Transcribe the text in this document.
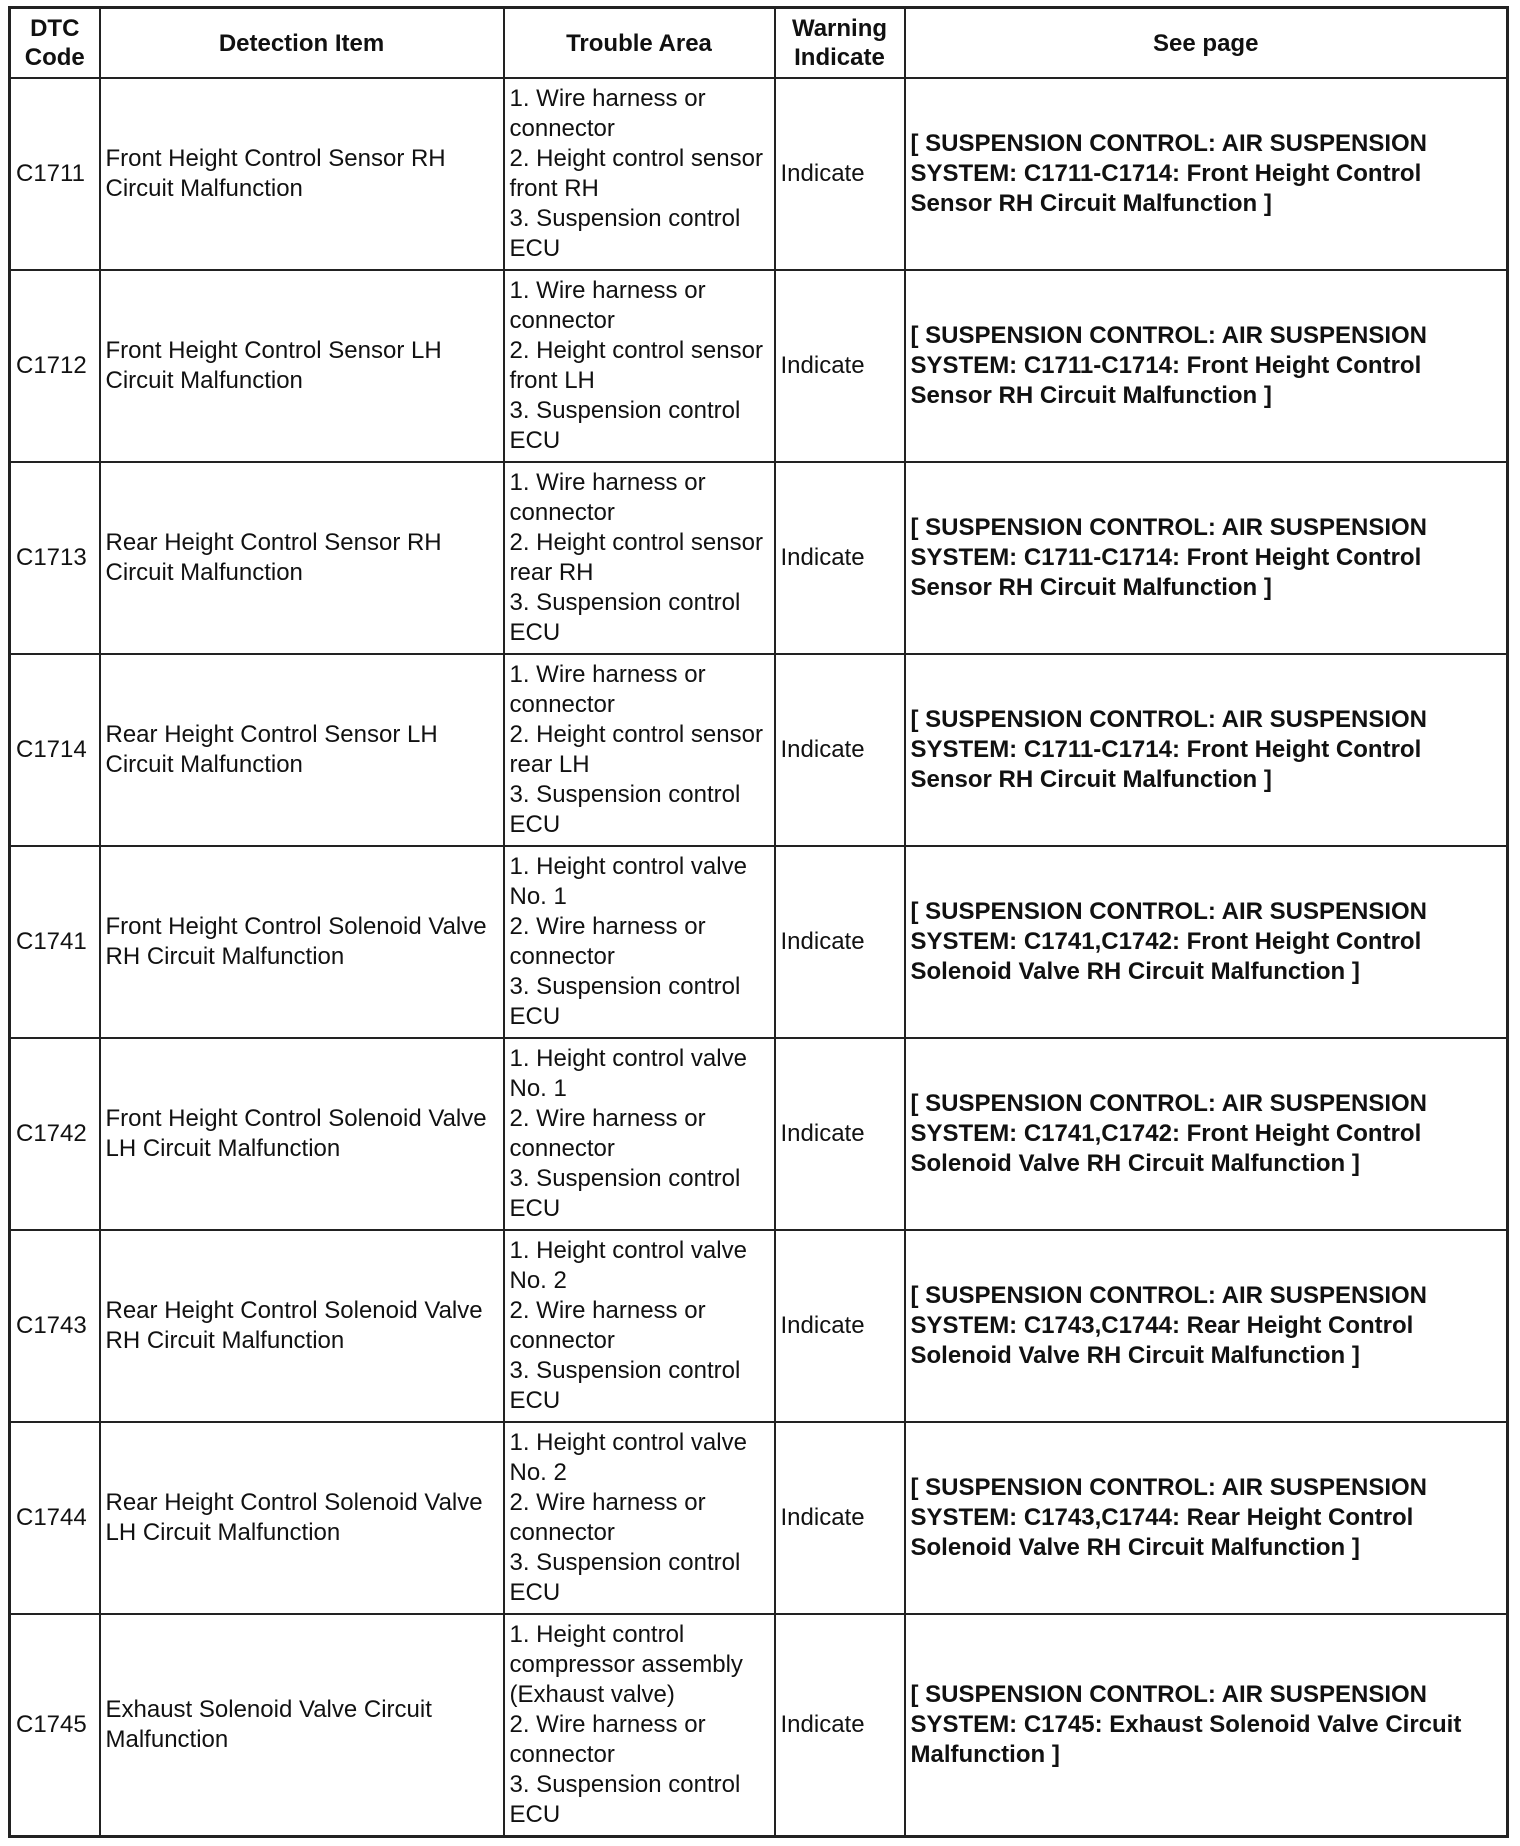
DTC
Code	Detection Item	Trouble Area	Warning
Indicate	See page
C1711	Front Height Control Sensor RH Circuit Malfunction	1. Wire harness or connector
2. Height control sensor front RH
3. Suspension control ECU	Indicate	[ SUSPENSION CONTROL: AIR SUSPENSION SYSTEM: C1711-C1714: Front Height Control Sensor RH Circuit Malfunction ]
C1712	Front Height Control Sensor LH Circuit Malfunction	1. Wire harness or connector
2. Height control sensor front LH
3. Suspension control ECU	Indicate	[ SUSPENSION CONTROL: AIR SUSPENSION SYSTEM: C1711-C1714: Front Height Control Sensor RH Circuit Malfunction ]
C1713	Rear Height Control Sensor RH Circuit Malfunction	1. Wire harness or connector
2. Height control sensor rear RH
3. Suspension control ECU	Indicate	[ SUSPENSION CONTROL: AIR SUSPENSION SYSTEM: C1711-C1714: Front Height Control Sensor RH Circuit Malfunction ]
C1714	Rear Height Control Sensor LH Circuit Malfunction	1. Wire harness or connector
2. Height control sensor rear LH
3. Suspension control ECU	Indicate	[ SUSPENSION CONTROL: AIR SUSPENSION SYSTEM: C1711-C1714: Front Height Control Sensor RH Circuit Malfunction ]
C1741	Front Height Control Solenoid Valve RH Circuit Malfunction	1. Height control valve No. 1
2. Wire harness or connector
3. Suspension control ECU	Indicate	[ SUSPENSION CONTROL: AIR SUSPENSION SYSTEM: C1741,C1742: Front Height Control Solenoid Valve RH Circuit Malfunction ]
C1742	Front Height Control Solenoid Valve LH Circuit Malfunction	1. Height control valve No. 1
2. Wire harness or connector
3. Suspension control ECU	Indicate	[ SUSPENSION CONTROL: AIR SUSPENSION SYSTEM: C1741,C1742: Front Height Control Solenoid Valve RH Circuit Malfunction ]
C1743	Rear Height Control Solenoid Valve RH Circuit Malfunction	1. Height control valve No. 2
2. Wire harness or connector
3. Suspension control ECU	Indicate	[ SUSPENSION CONTROL: AIR SUSPENSION SYSTEM: C1743,C1744: Rear Height Control Solenoid Valve RH Circuit Malfunction ]
C1744	Rear Height Control Solenoid Valve LH Circuit Malfunction	1. Height control valve No. 2
2. Wire harness or connector
3. Suspension control ECU	Indicate	[ SUSPENSION CONTROL: AIR SUSPENSION SYSTEM: C1743,C1744: Rear Height Control Solenoid Valve RH Circuit Malfunction ]
C1745	Exhaust Solenoid Valve Circuit Malfunction	1. Height control compressor assembly (Exhaust valve)
2. Wire harness or connector
3. Suspension control ECU	Indicate	[ SUSPENSION CONTROL: AIR SUSPENSION SYSTEM: C1745: Exhaust Solenoid Valve Circuit Malfunction ]
